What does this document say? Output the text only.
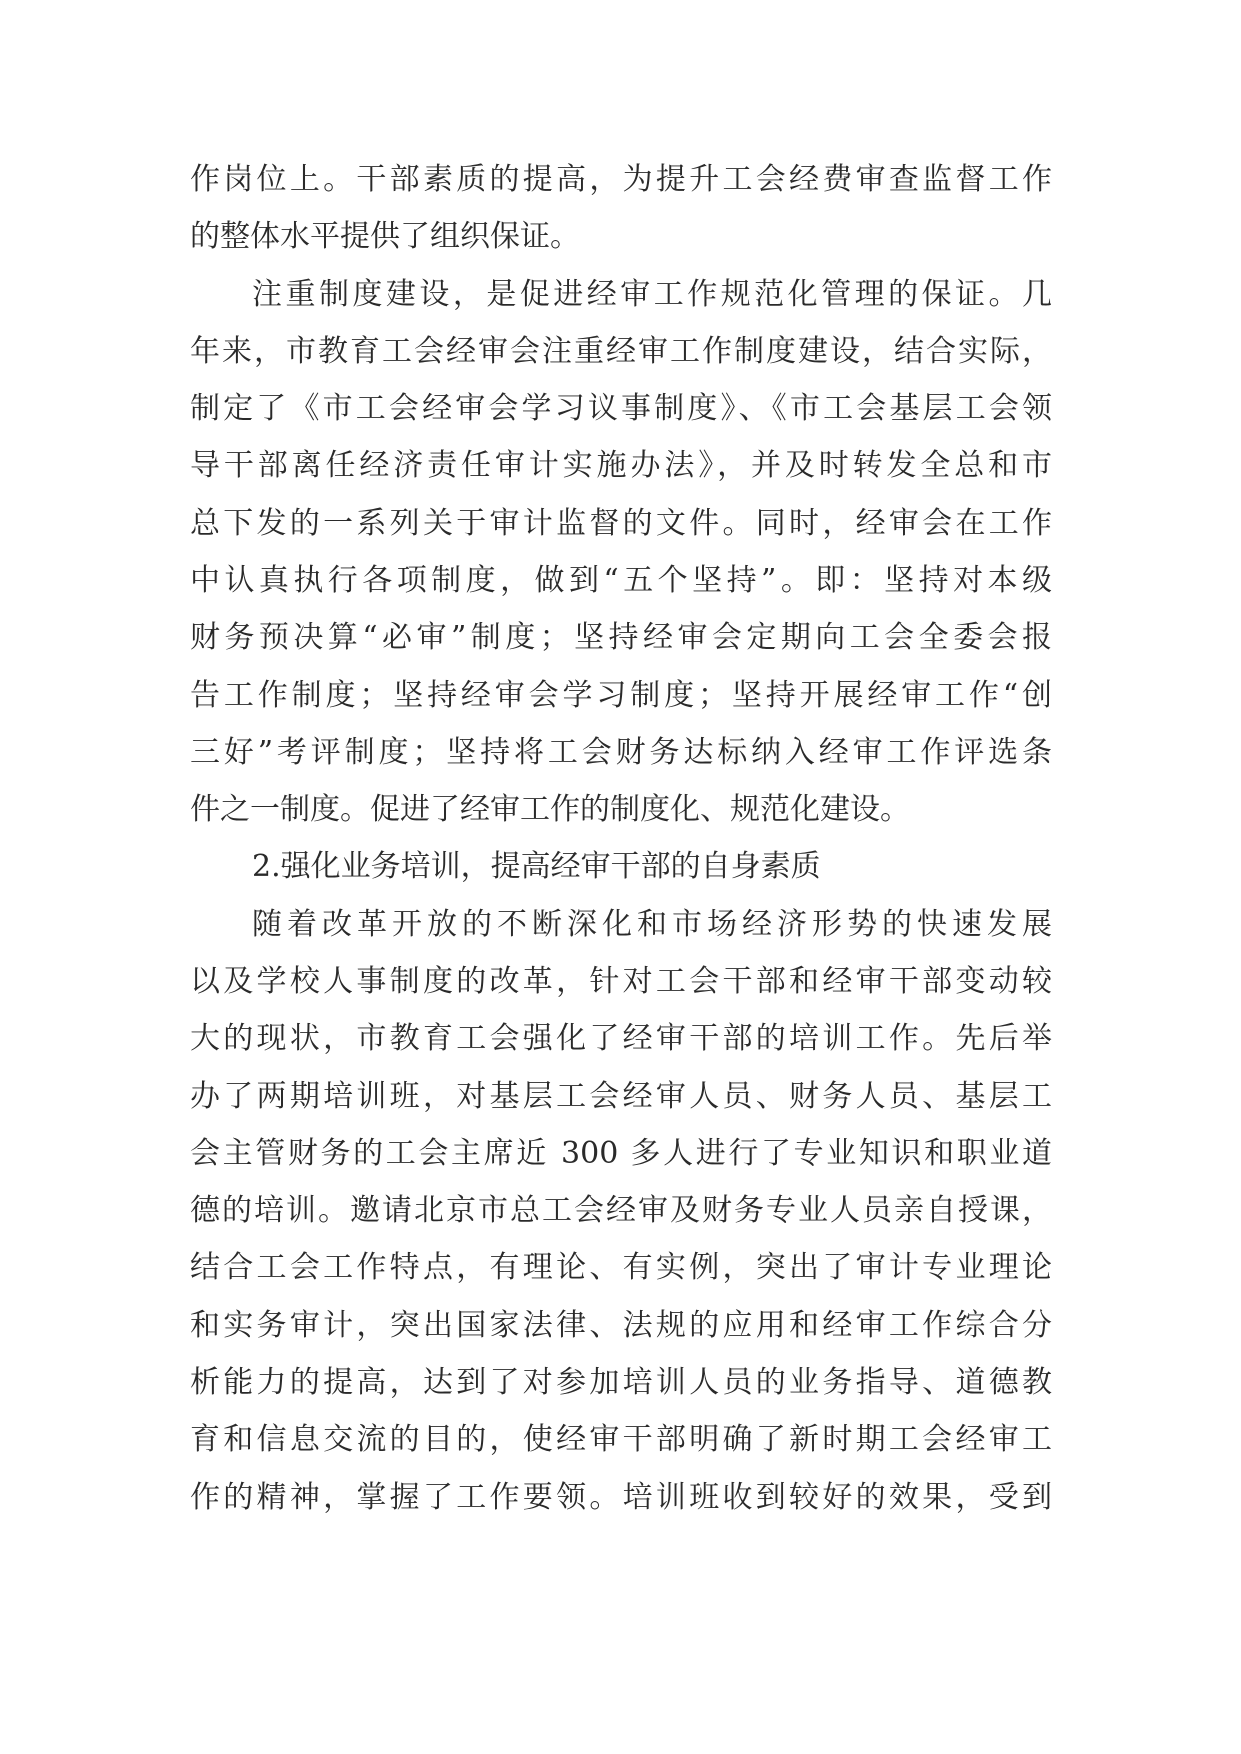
作岗位上。干部素质的提高，为提升工会经费审查监督工作
的整体水平提供了组织保证。
注重制度建设，是促进经审工作规范化管理的保证。几
年来，市教育工会经审会注重经审工作制度建设，结合实际，
制定了《市工会经审会学习议事制度》、《市工会基层工会领
导干部离任经济责任审计实施办法》，并及时转发全总和市
总下发的一系列关于审计监督的文件。同时，经审会在工作
中认真执行各项制度，做到“五个坚持”。即：坚持对本级
财务预决算“必审”制度；坚持经审会定期向工会全委会报
告工作制度；坚持经审会学习制度；坚持开展经审工作“创
三好”考评制度；坚持将工会财务达标纳入经审工作评选条
件之一制度。促进了经审工作的制度化、规范化建设。
2.强化业务培训，提高经审干部的自身素质
随着改革开放的不断深化和市场经济形势的快速发展
以及学校人事制度的改革，针对工会干部和经审干部变动较
大的现状，市教育工会强化了经审干部的培训工作。先后举
办了两期培训班，对基层工会经审人员、财务人员、基层工
会主管财务的工会主席近 300 多人进行了专业知识和职业道
德的培训。邀请北京市总工会经审及财务专业人员亲自授课，
结合工会工作特点，有理论、有实例，突出了审计专业理论
和实务审计，突出国家法律、法规的应用和经审工作综合分
析能力的提高，达到了对参加培训人员的业务指导、道德教
育和信息交流的目的，使经审干部明确了新时期工会经审工
作的精神，掌握了工作要领。培训班收到较好的效果，受到
